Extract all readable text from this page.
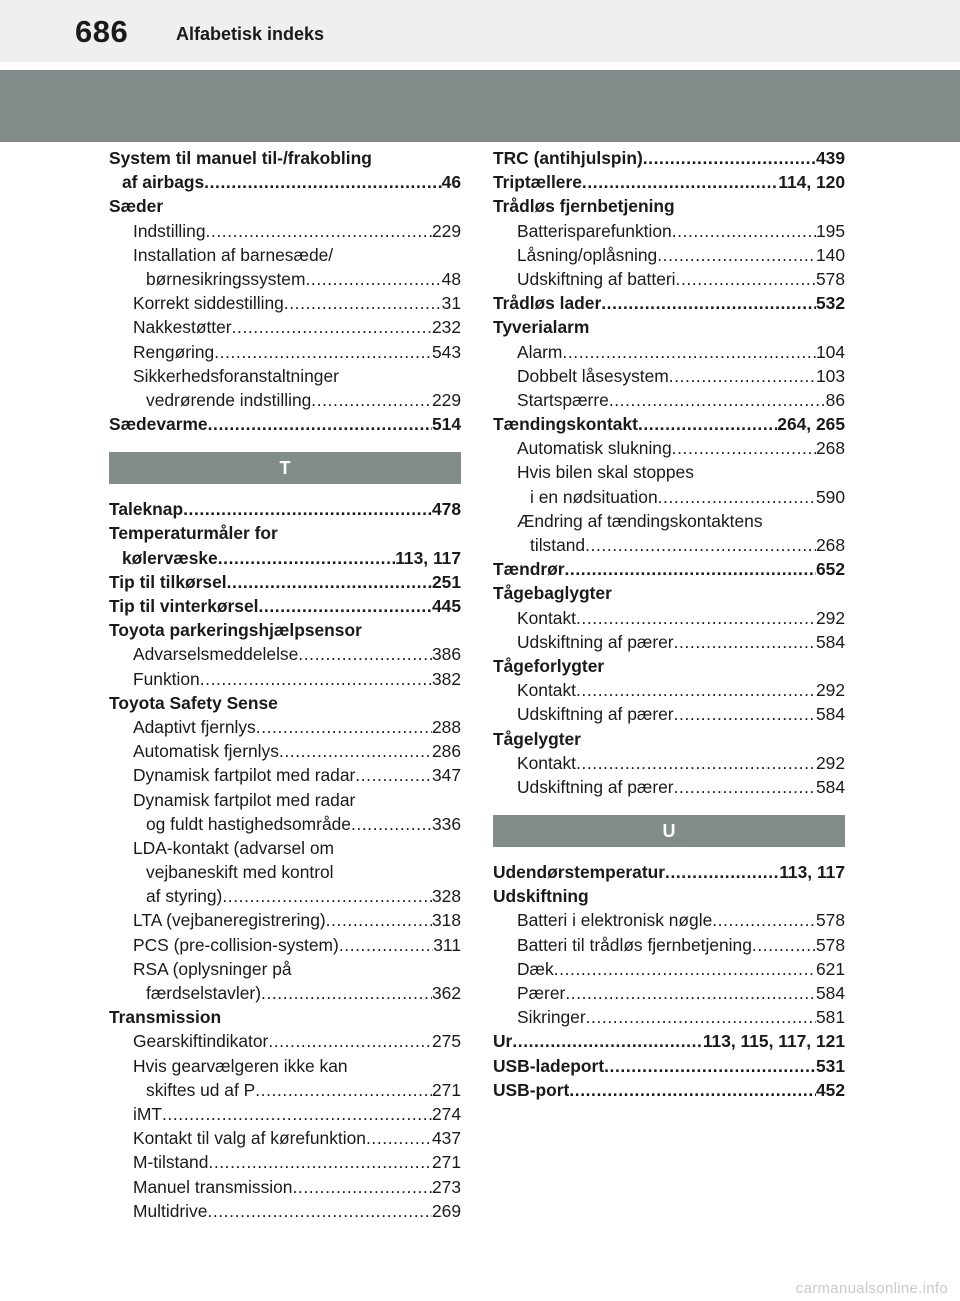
686	Alfabetisk indeks
System til manuel til-/frakobling
af airbags .....	46
Sæder
Indstilling .....	229
Installation af barnesæde/
børnesikringssystem .....	48
Korrekt siddestilling .....	31
Nakkestøtter .....	232
Rengøring .....	543
Sikkerhedsforanstaltninger
vedrørende indstilling .....	229
Sædevarme .....	514
T
Taleknap .....	478
Temperaturmåler for
kølervæske .....	113, 117
Tip til tilkørsel .....	251
Tip til vinterkørsel .....	445
Toyota parkeringshjælpsensor
Advarselsmeddelelse .....	386
Funktion .....	382
Toyota Safety Sense
Adaptivt fjernlys .....	288
Automatisk fjernlys .....	286
Dynamisk fartpilot med radar .....	347
Dynamisk fartpilot med radar
og fuldt hastighedsområde .....	336
LDA-kontakt (advarsel om
vejbaneskift med kontrol
af styring) .....	328
LTA (vejbaneregistrering) .....	318
PCS (pre-collision-system) .....	311
RSA (oplysninger på
færdselstavler) .....	362
Transmission
Gearskiftindikator .....	275
Hvis gearvælgeren ikke kan
skiftes ud af P .....	271
iMT .....	274
Kontakt til valg af kørefunktion .....	437
M-tilstand .....	271
Manuel transmission .....	273
Multidrive .....	269
TRC (antihjulspin) .....	439
Triptællere .....	114, 120
Trådløs fjernbetjening
Batterisparefunktion .....	195
Låsning/oplåsning .....	140
Udskiftning af batteri .....	578
Trådløs lader .....	532
Tyverialarm
Alarm .....	104
Dobbelt låsesystem .....	103
Startspærre .....	86
Tændingskontakt .....	264, 265
Automatisk slukning .....	268
Hvis bilen skal stoppes
i en nødsituation .....	590
Ændring af tændingskontaktens
tilstand .....	268
Tændrør .....	652
Tågebaglygter
Kontakt .....	292
Udskiftning af pærer .....	584
Tågeforlygter
Kontakt .....	292
Udskiftning af pærer .....	584
Tågelygter
Kontakt .....	292
Udskiftning af pærer .....	584
U
Udendørstemperatur .....	113, 117
Udskiftning
Batteri i elektronisk nøgle .....	578
Batteri til trådløs fjernbetjening .....	578
Dæk .....	621
Pærer .....	584
Sikringer .....	581
Ur .....	113, 115, 117, 121
USB-ladeport .....	531
USB-port .....	452
carmanualsonline.info
